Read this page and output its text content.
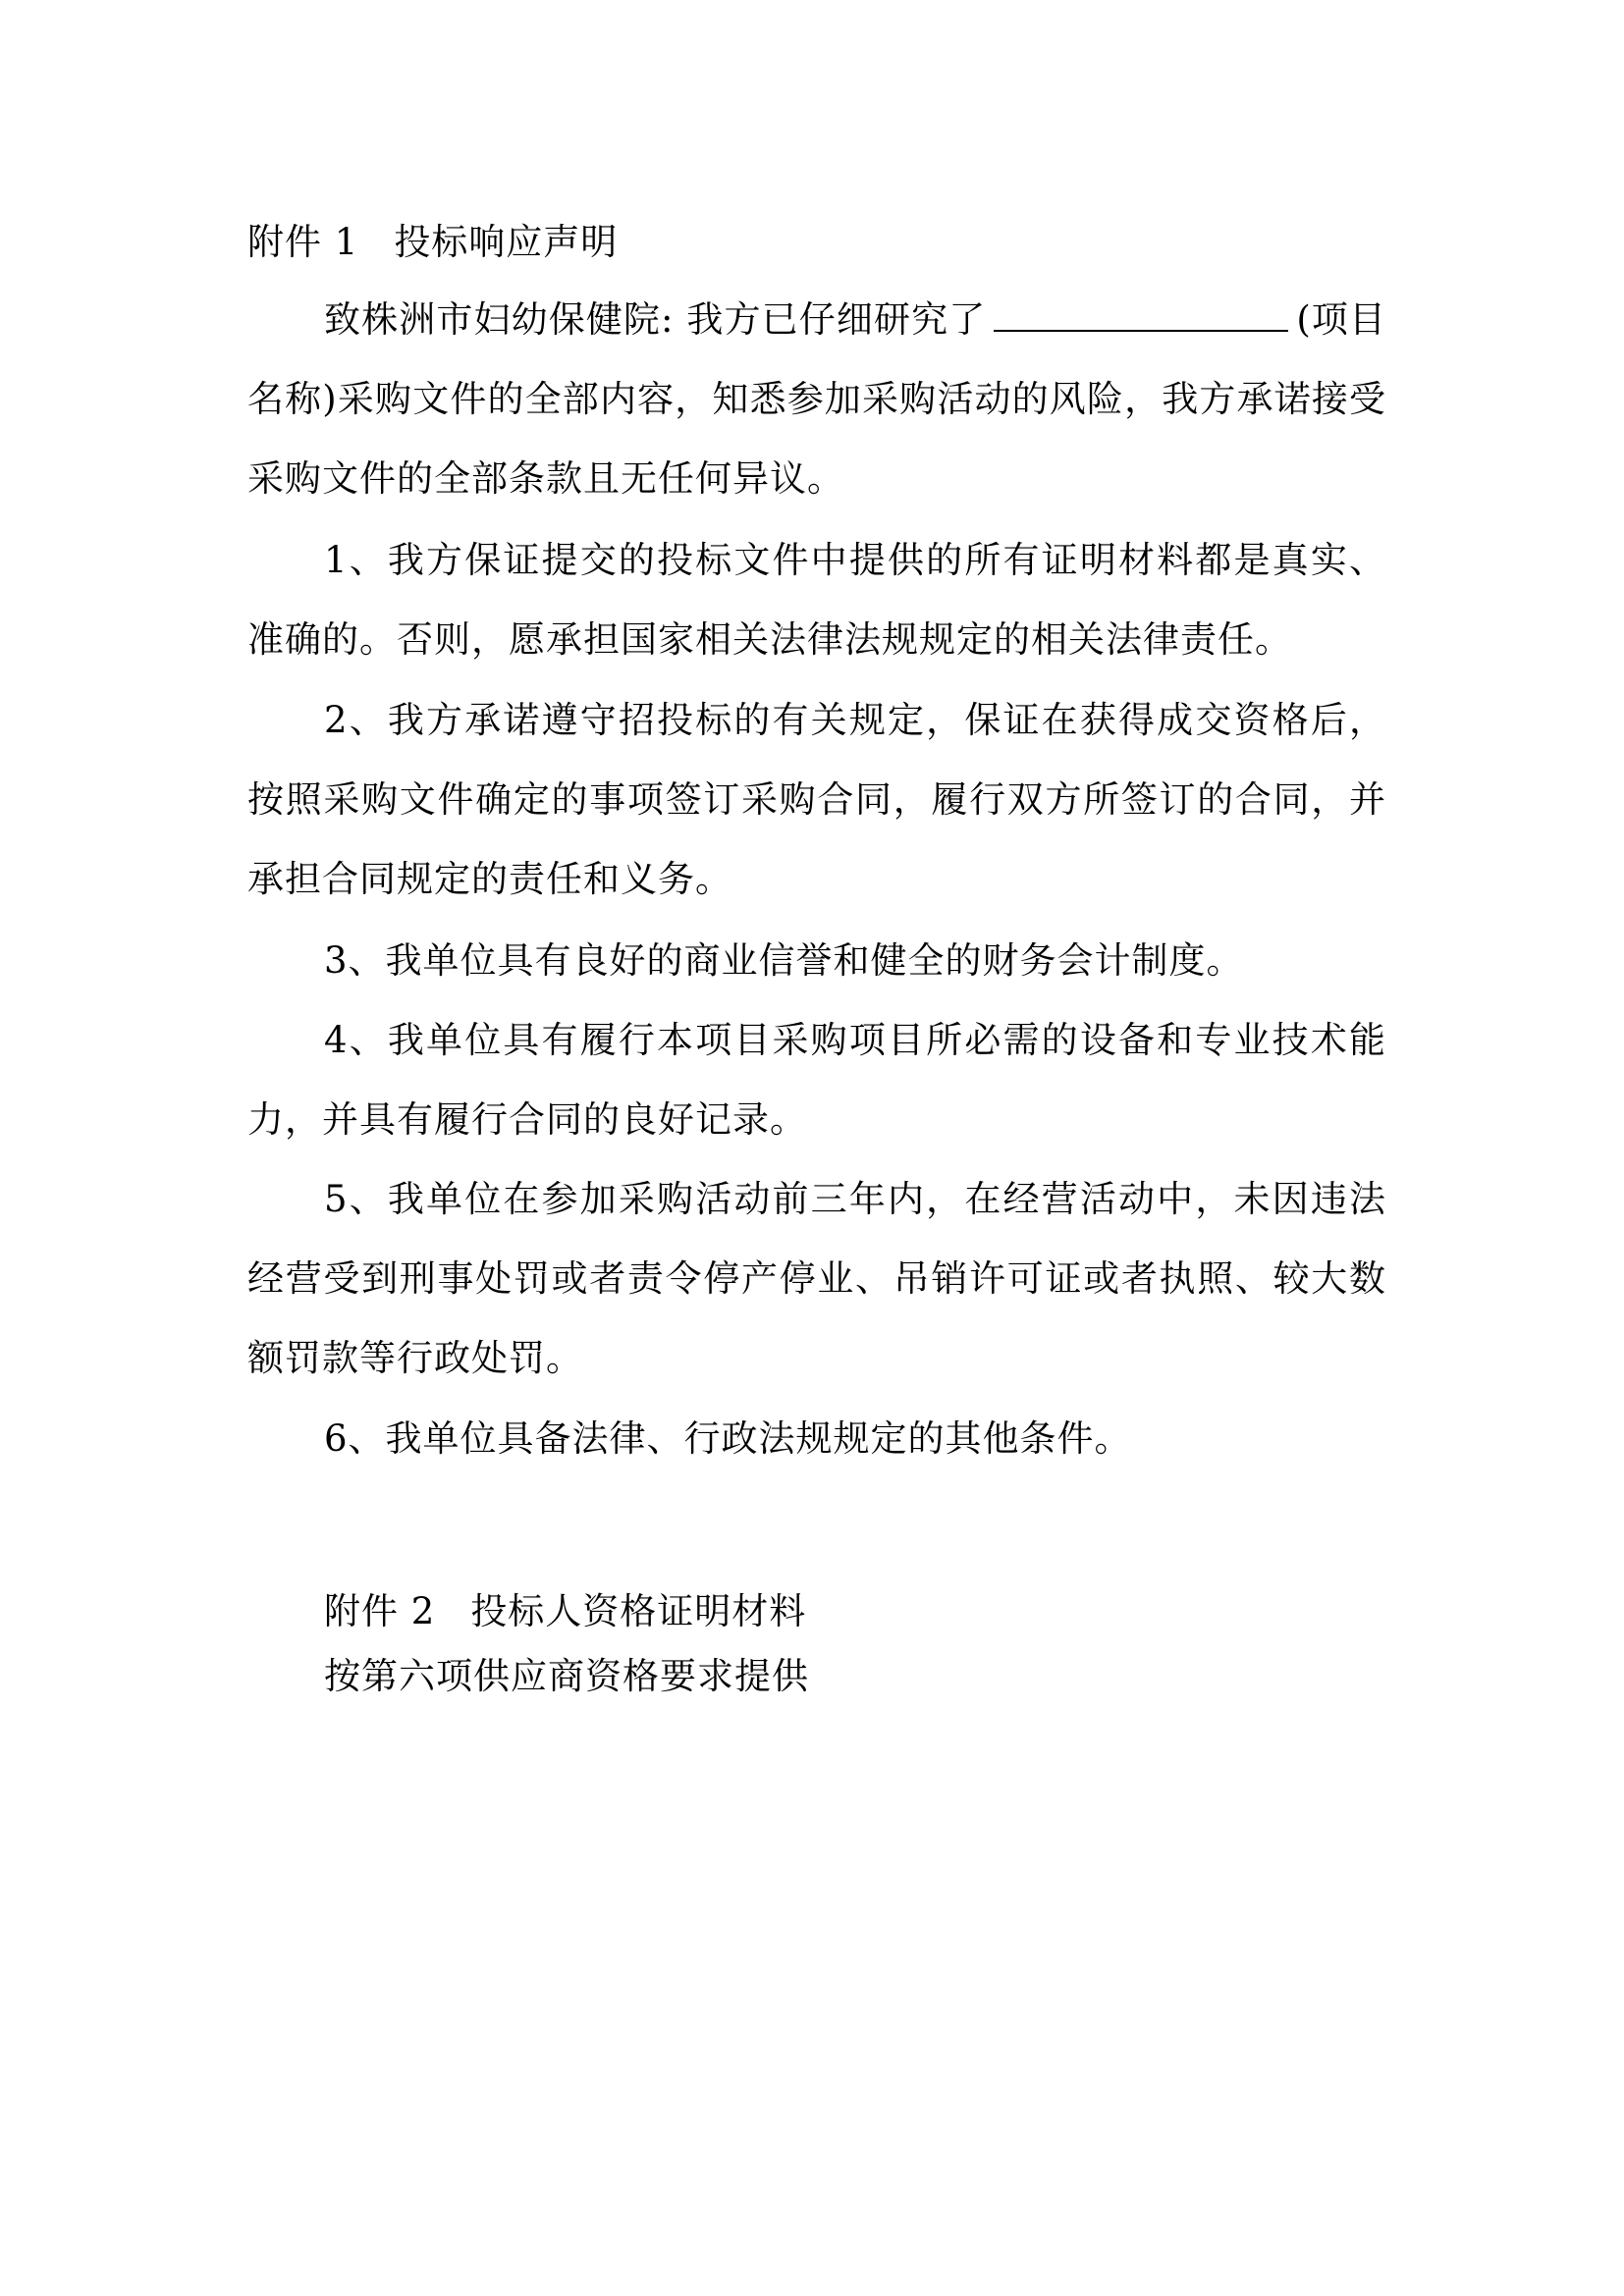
附件 1 投标响应声明
致株洲市妇幼保健院: 我方已仔细研究了	(项目名称)采购文件的全部内容，知悉参加采购活动的风险，我方承诺接受采购文件的全部条款且无任何异议。
1、我方保证提交的投标文件中提供的所有证明材料都是真实、准确的。否则，愿承担国家相关法律法规规定的相关法律责任。
2、我方承诺遵守招投标的有关规定，保证在获得成交资格后，按照采购文件确定的事项签订采购合同，履行双方所签订的合同，并承担合同规定的责任和义务。
3、我单位具有良好的商业信誉和健全的财务会计制度。
4、我单位具有履行本项目采购项目所必需的设备和专业技术能力，并具有履行合同的良好记录。
5、我单位在参加采购活动前三年内，在经营活动中，未因违法经营受到刑事处罚或者责令停产停业、吊销许可证或者执照、较大数额罚款等行政处罚。
6、我单位具备法律、行政法规规定的其他条件。
附件 2 投标人资格证明材料
按第六项供应商资格要求提供
